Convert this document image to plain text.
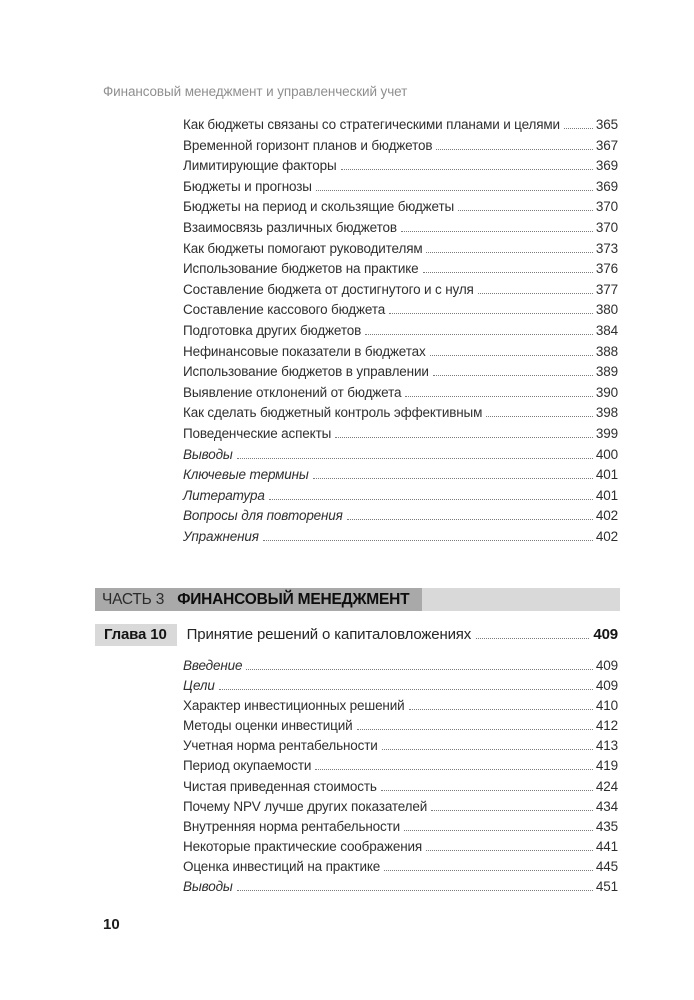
Финансовый менеджмент и управленческий учет
Как бюджеты связаны со стратегическими планами и целями	365
Временной горизонт планов и бюджетов	367
Лимитирующие факторы	369
Бюджеты и прогнозы	369
Бюджеты на период и скользящие бюджеты	370
Взаимосвязь различных бюджетов	370
Как бюджеты помогают руководителям	373
Использование бюджетов на практике	376
Составление бюджета от достигнутого и с нуля	377
Составление кассового бюджета	380
Подготовка других бюджетов	384
Нефинансовые показатели в бюджетах	388
Использование бюджетов в управлении	389
Выявление отклонений от бюджета	390
Как сделать бюджетный контроль эффективным	398
Поведенческие аспекты	399
Выводы	400
Ключевые термины	401
Литература	401
Вопросы для повторения	402
Упражнения	402
ЧАСТЬ 3 ФИНАНСОВЫЙ МЕНЕДЖМЕНТ
Глава 10	Принятие решений о капиталовложениях	409
Введение	409
Цели	409
Характер инвестиционных решений	410
Методы оценки инвестиций	412
Учетная норма рентабельности	413
Период окупаемости	419
Чистая приведенная стоимость	424
Почему NPV лучше других показателей	434
Внутренняя норма рентабельности	435
Некоторые практические соображения	441
Оценка инвестиций на практике	445
Выводы	451
10
